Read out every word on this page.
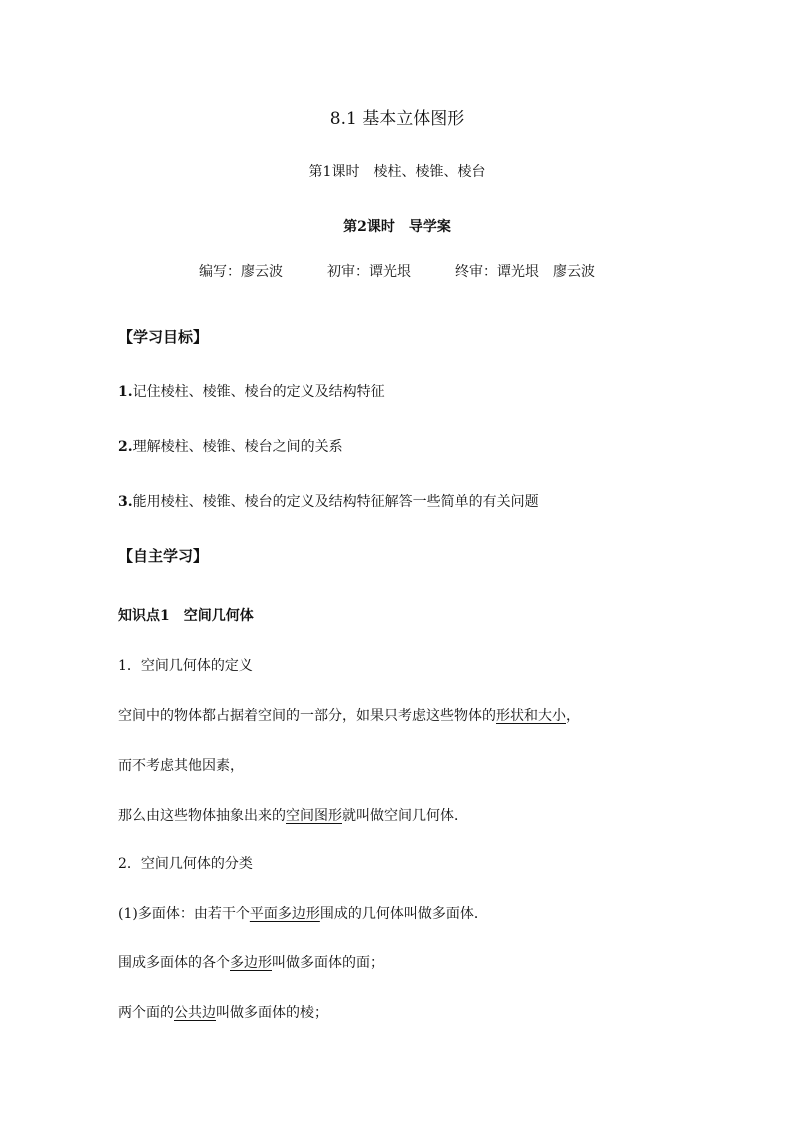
8.1 基本立体图形

第1课时　棱柱、棱锥、棱台

第2课时　导学案

编写：廖云波	初审：谭光垠	终审：谭光垠　廖云波

【学习目标】

1.记住棱柱、棱锥、棱台的定义及结构特征

2.理解棱柱、棱锥、棱台之间的关系

3.能用棱柱、棱锥、棱台的定义及结构特征解答一些简单的有关问题

【自主学习】

知识点1　空间几何体

1．空间几何体的定义

空间中的物体都占据着空间的一部分，如果只考虑这些物体的形状和大小，

而不考虑其他因素，

那么由这些物体抽象出来的空间图形就叫做空间几何体．

2．空间几何体的分类

(1)多面体：由若干个平面多边形围成的几何体叫做多面体．

围成多面体的各个多边形叫做多面体的面；

两个面的公共边叫做多面体的棱；
